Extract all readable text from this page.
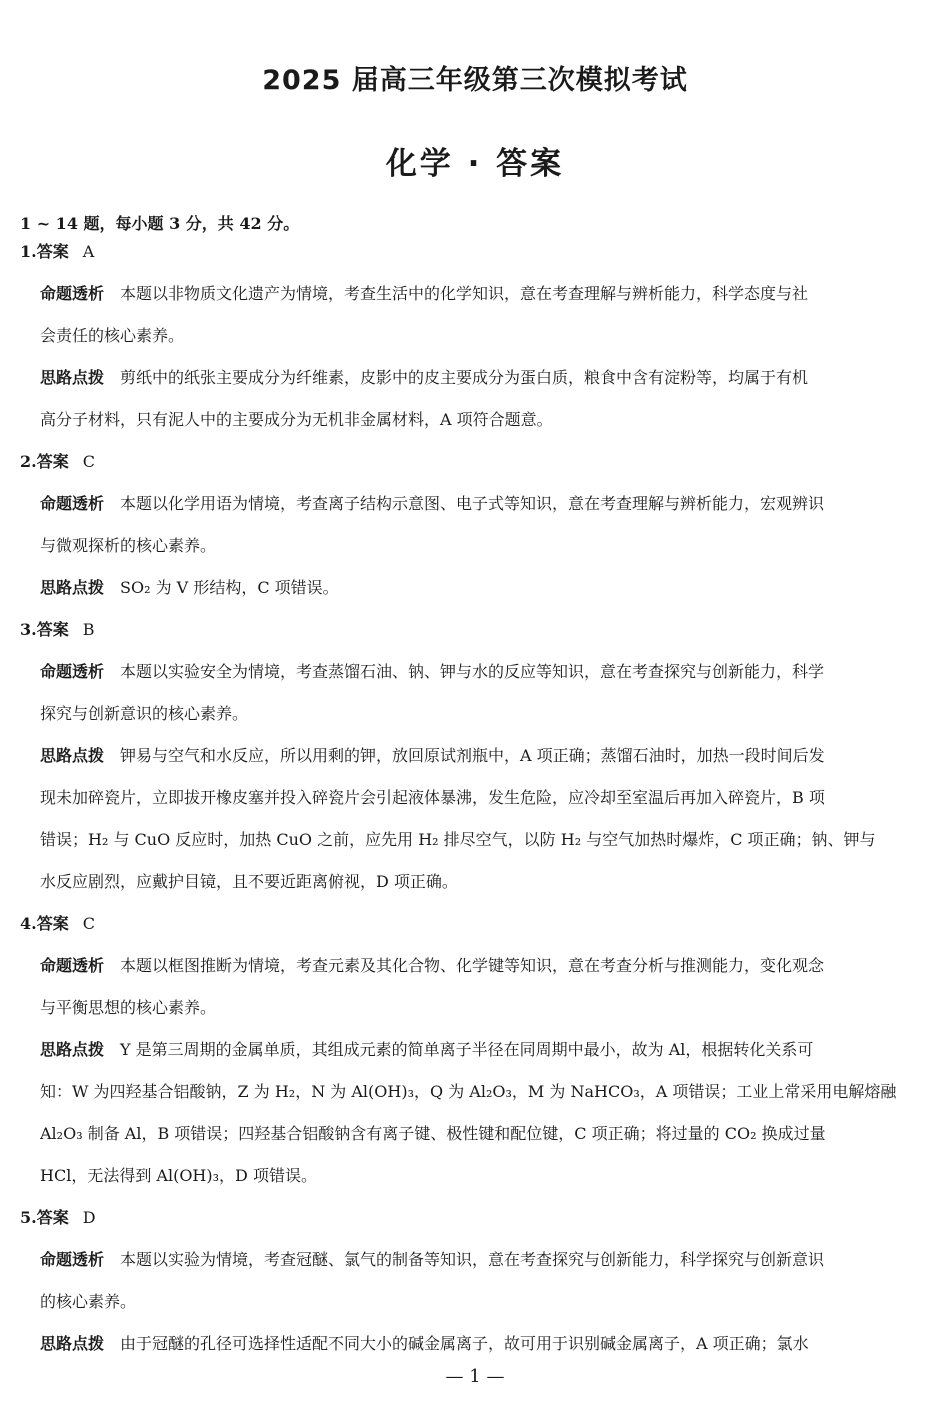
2025 届高三年级第三次模拟考试
化学 · 答案
1 ~ 14 题，每小题 3 分，共 42 分。
1.答案 A
命题透析 本题以非物质文化遗产为情境，考查生活中的化学知识，意在考查理解与辨析能力，科学态度与社
会责任的核心素养。
思路点拨 剪纸中的纸张主要成分为纤维素，皮影中的皮主要成分为蛋白质，粮食中含有淀粉等，均属于有机
高分子材料，只有泥人中的主要成分为无机非金属材料，A 项符合题意。
2.答案 C
命题透析 本题以化学用语为情境，考查离子结构示意图、电子式等知识，意在考查理解与辨析能力，宏观辨识
与微观探析的核心素养。
思路点拨 SO₂ 为 V 形结构，C 项错误。
3.答案 B
命题透析 本题以实验安全为情境，考查蒸馏石油、钠、钾与水的反应等知识，意在考查探究与创新能力，科学
探究与创新意识的核心素养。
思路点拨 钾易与空气和水反应，所以用剩的钾，放回原试剂瓶中，A 项正确；蒸馏石油时，加热一段时间后发
现未加碎瓷片，立即拔开橡皮塞并投入碎瓷片会引起液体暴沸，发生危险，应冷却至室温后再加入碎瓷片，B 项
错误；H₂ 与 CuO 反应时，加热 CuO 之前，应先用 H₂ 排尽空气，以防 H₂ 与空气加热时爆炸，C 项正确；钠、钾与
水反应剧烈，应戴护目镜，且不要近距离俯视，D 项正确。
4.答案 C
命题透析 本题以框图推断为情境，考查元素及其化合物、化学键等知识，意在考查分析与推测能力，变化观念
与平衡思想的核心素养。
思路点拨 Y 是第三周期的金属单质，其组成元素的简单离子半径在同周期中最小，故为 Al，根据转化关系可
知：W 为四羟基合铝酸钠，Z 为 H₂，N 为 Al(OH)₃，Q 为 Al₂O₃，M 为 NaHCO₃，A 项错误；工业上常采用电解熔融
Al₂O₃ 制备 Al，B 项错误；四羟基合铝酸钠含有离子键、极性键和配位键，C 项正确；将过量的 CO₂ 换成过量
HCl，无法得到 Al(OH)₃，D 项错误。
5.答案 D
命题透析 本题以实验为情境，考查冠醚、氯气的制备等知识，意在考查探究与创新能力，科学探究与创新意识
的核心素养。
思路点拨 由于冠醚的孔径可选择性适配不同大小的碱金属离子，故可用于识别碱金属离子，A 项正确；氯水
— 1 —
